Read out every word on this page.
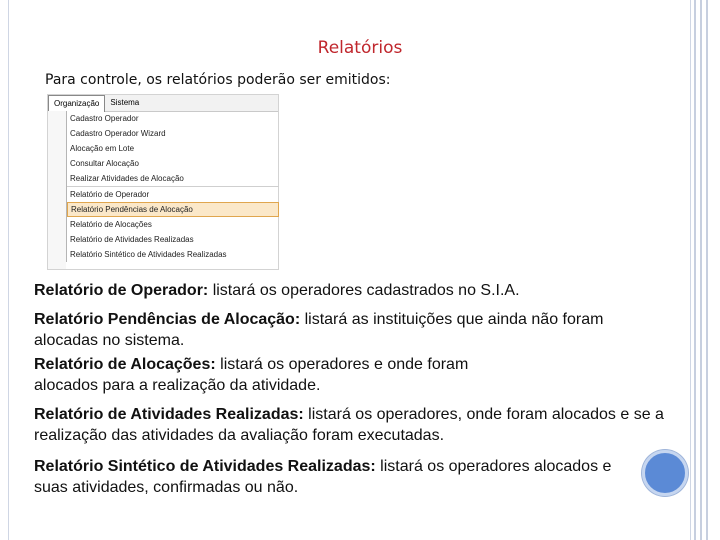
Relatórios
Para controle, os relatórios poderão ser emitidos:
Organização	Sistema
Cadastro Operador
Cadastro Operador Wizard
Alocação em Lote
Consultar Alocação
Realizar Atividades de Alocação
Relatório de Operador
Relatório Pendências de Alocação
Relatório de Alocações
Relatório de Atividades Realizadas
Relatório Sintético de Atividades Realizadas

Relatório de Operador: listará os operadores cadastrados no S.I.A.

Relatório Pendências de Alocação: listará as instituições que ainda não foram alocadas no sistema.

Relatório de Alocações: listará os operadores e onde foram alocados para a realização da atividade.

Relatório de Atividades Realizadas: listará os operadores, onde foram alocados e se a realização das atividades da avaliação foram executadas.

Relatório Sintético de Atividades Realizadas: listará os operadores alocados e suas atividades, confirmadas ou não.
